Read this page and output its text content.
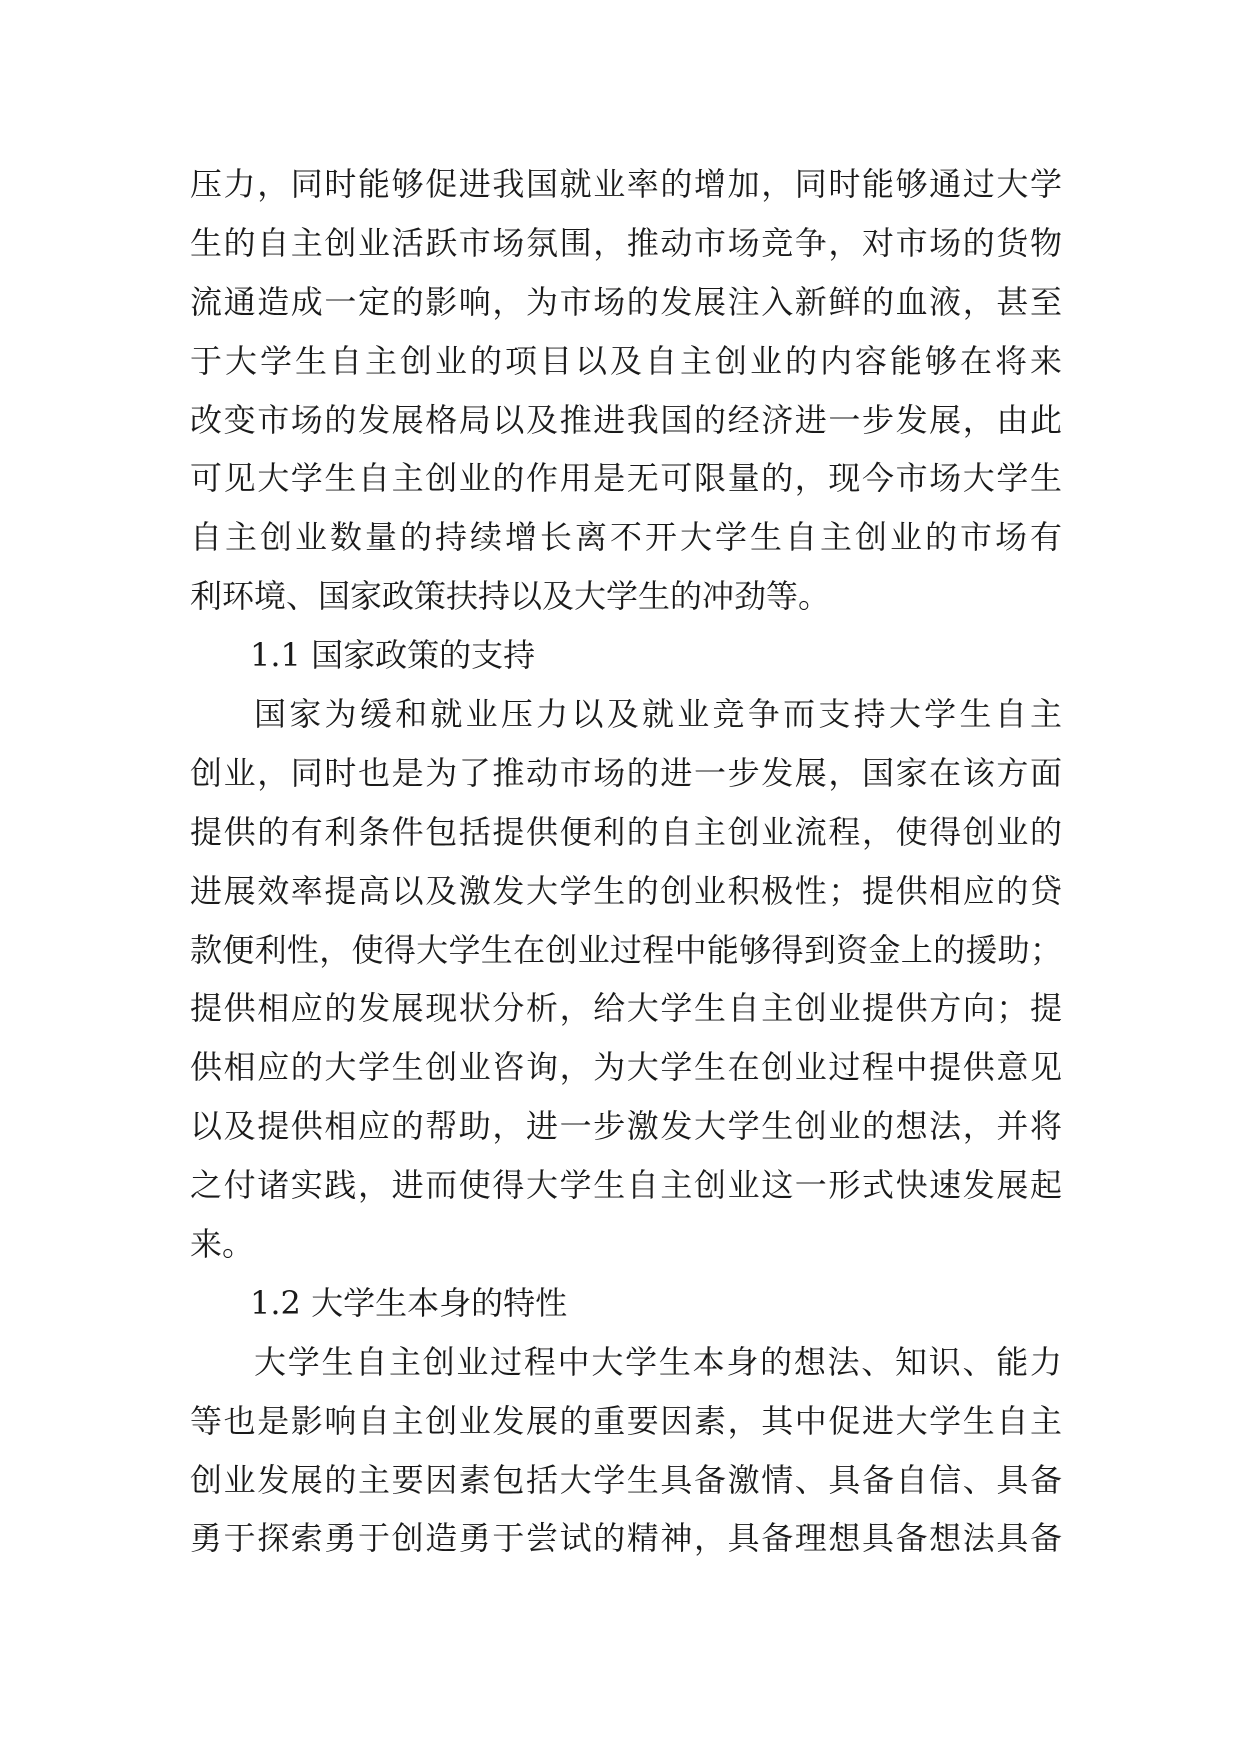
压力，同时能够促进我国就业率的增加，同时能够通过大学
生的自主创业活跃市场氛围，推动市场竞争，对市场的货物
流通造成一定的影响，为市场的发展注入新鲜的血液，甚至
于大学生自主创业的项目以及自主创业的内容能够在将来
改变市场的发展格局以及推进我国的经济进一步发展，由此
可见大学生自主创业的作用是无可限量的，现今市场大学生
自主创业数量的持续增长离不开大学生自主创业的市场有
利环境、国家政策扶持以及大学生的冲劲等。
1.1 国家政策的支持
国家为缓和就业压力以及就业竞争而支持大学生自主
创业，同时也是为了推动市场的进一步发展，国家在该方面
提供的有利条件包括提供便利的自主创业流程，使得创业的
进展效率提高以及激发大学生的创业积极性；提供相应的贷
款便利性，使得大学生在创业过程中能够得到资金上的援助；
提供相应的发展现状分析，给大学生自主创业提供方向；提
供相应的大学生创业咨询，为大学生在创业过程中提供意见
以及提供相应的帮助，进一步激发大学生创业的想法，并将
之付诸实践，进而使得大学生自主创业这一形式快速发展起
来。
1.2 大学生本身的特性
大学生自主创业过程中大学生本身的想法、知识、能力
等也是影响自主创业发展的重要因素，其中促进大学生自主
创业发展的主要因素包括大学生具备激情、具备自信、具备
勇于探索勇于创造勇于尝试的精神，具备理想具备想法具备
